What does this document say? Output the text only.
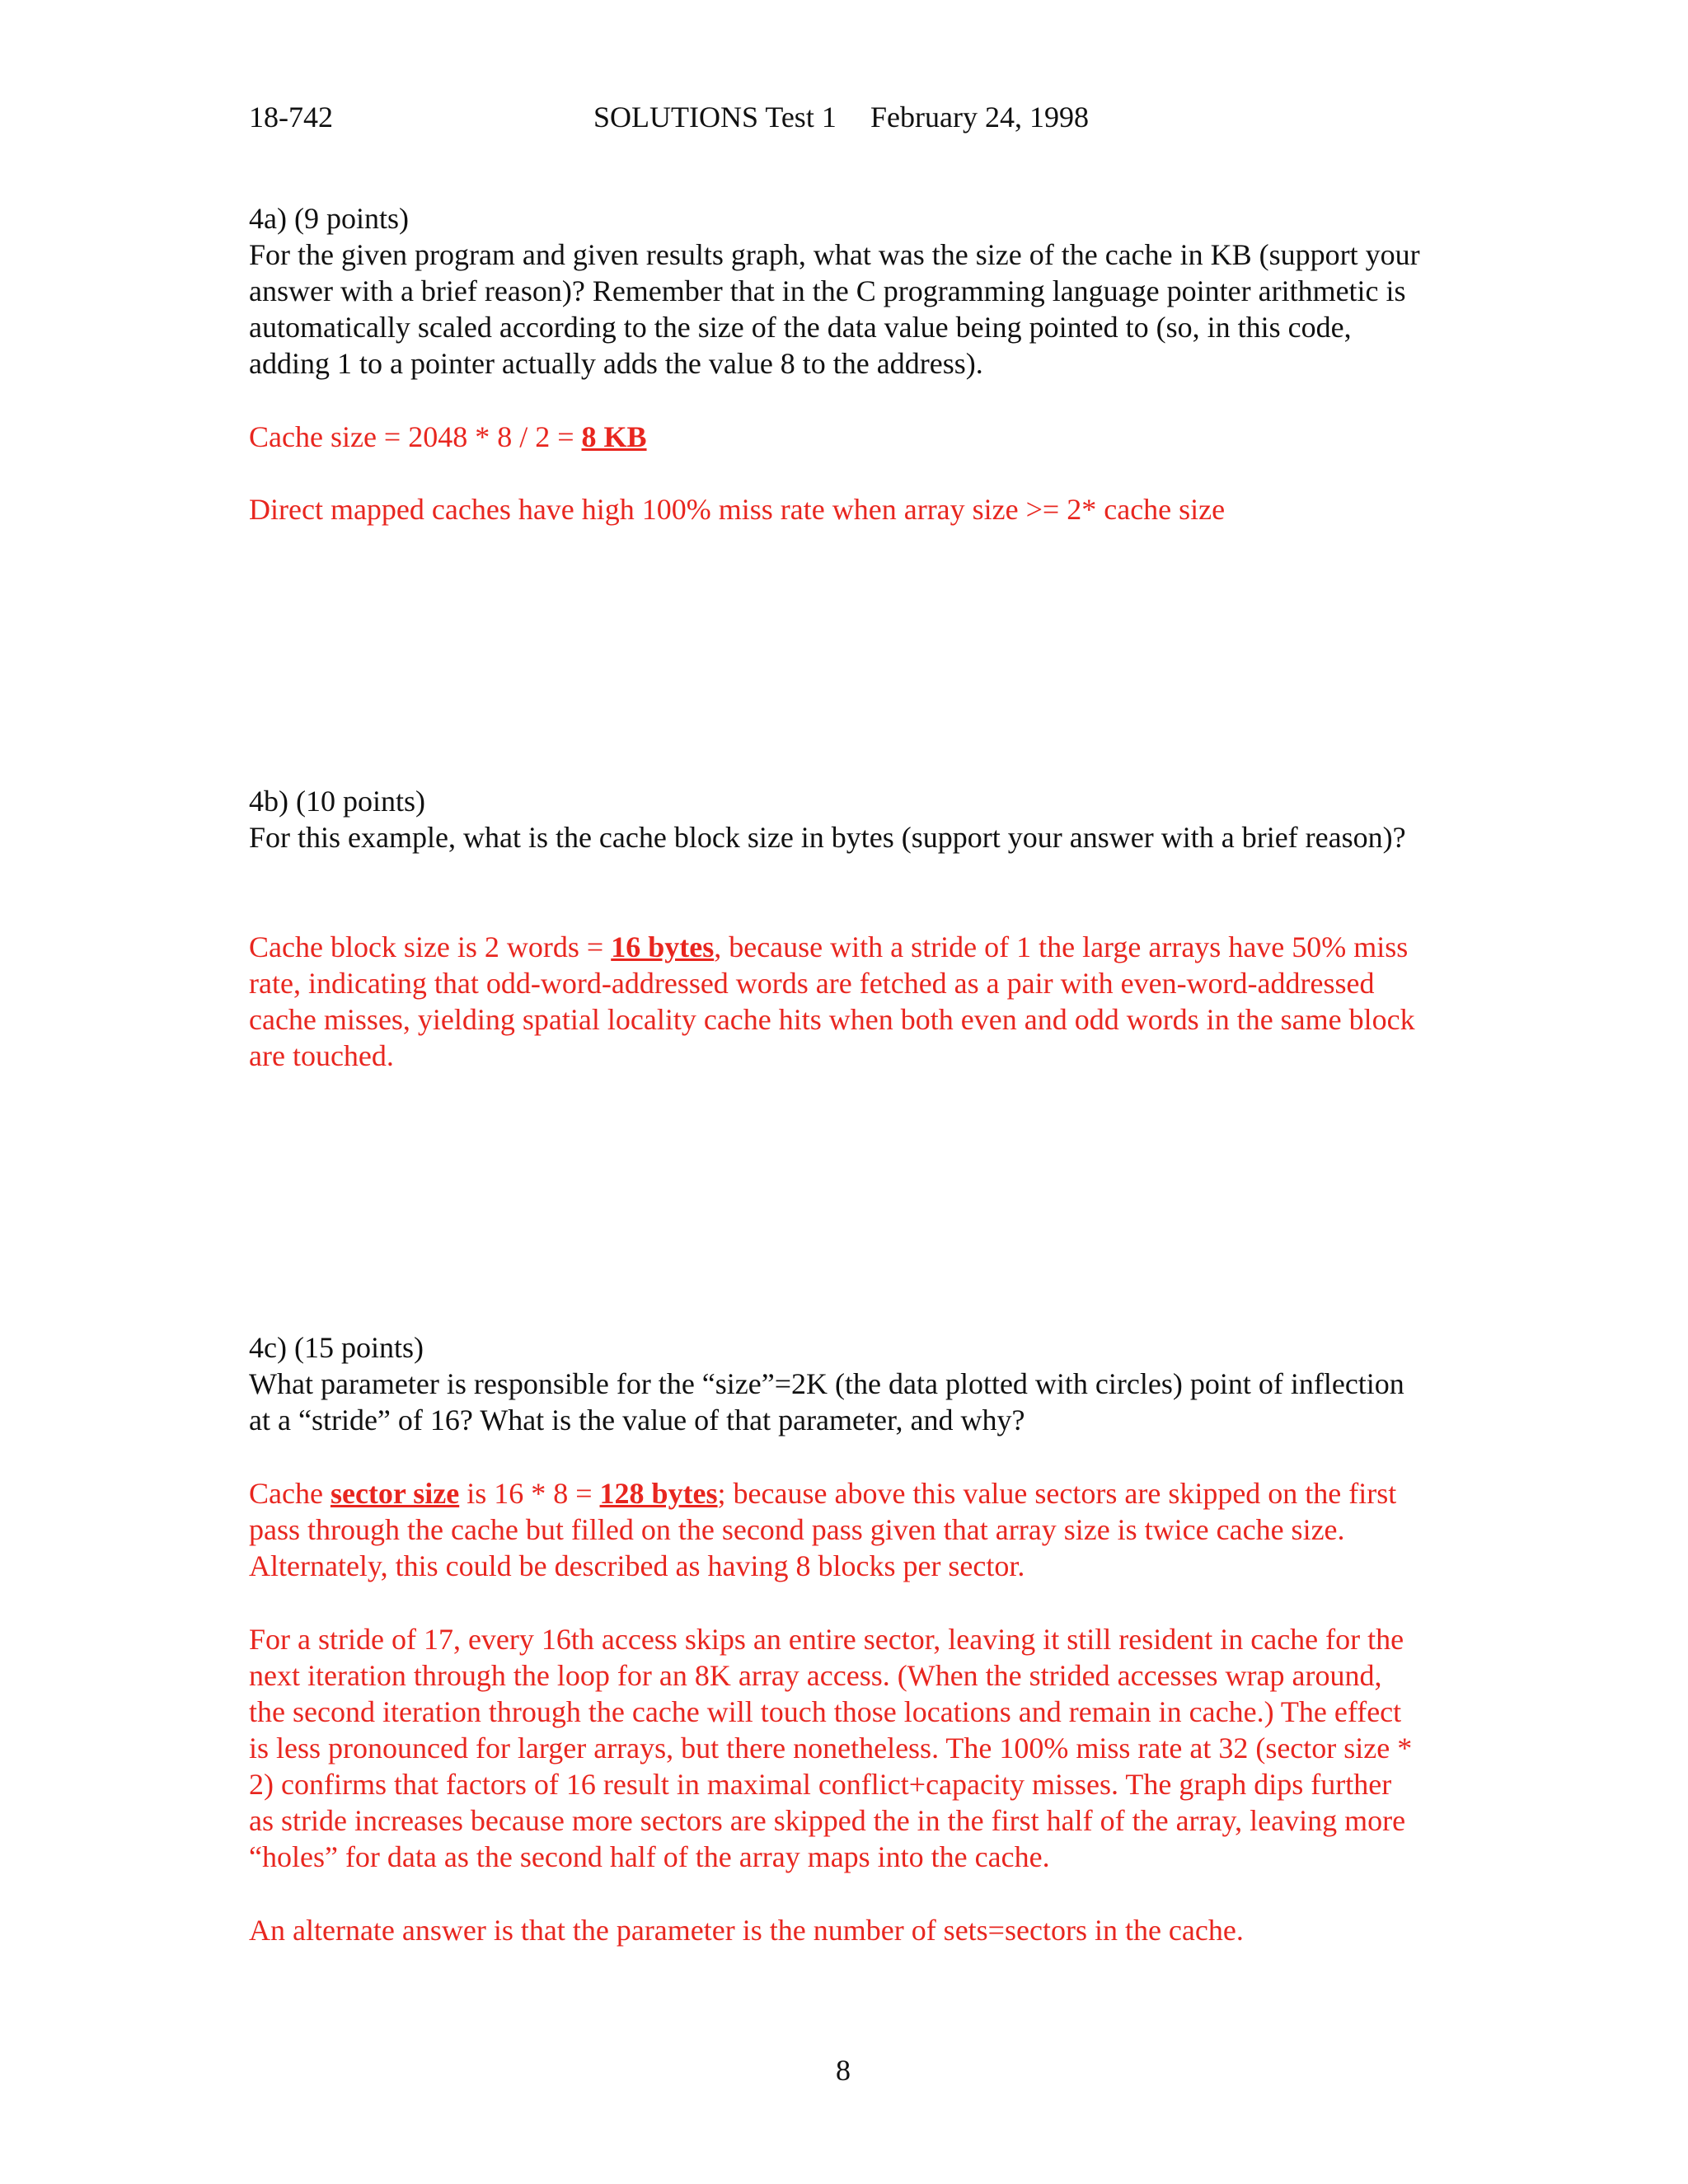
18-742	SOLUTIONS Test 1 February 24, 1998
4a) (9 points)
For the given program and given results graph, what was the size of the cache in KB (support your
answer with a brief reason)? Remember that in the C programming language pointer arithmetic is
automatically scaled according to the size of the data value being pointed to (so, in this code,
adding 1 to a pointer actually adds the value 8 to the address).
Cache size = 2048 * 8 / 2 = 8 KB
Direct mapped caches have high 100% miss rate when array size >= 2* cache size
4b) (10 points)
For this example, what is the cache block size in bytes (support your answer with a brief reason)?
Cache block size is 2 words = 16 bytes, because with a stride of 1 the large arrays have 50% miss
rate, indicating that odd-word-addressed words are fetched as a pair with even-word-addressed
cache misses, yielding spatial locality cache hits when both even and odd words in the same block
are touched.
4c) (15 points)
What parameter is responsible for the “size”=2K (the data plotted with circles) point of inflection
at a “stride” of 16? What is the value of that parameter, and why?
Cache sector size is 16 * 8 = 128 bytes; because above this value sectors are skipped on the first
pass through the cache but filled on the second pass given that array size is twice cache size.
Alternately, this could be described as having 8 blocks per sector.
For a stride of 17, every 16th access skips an entire sector, leaving it still resident in cache for the
next iteration through the loop for an 8K array access. (When the strided accesses wrap around,
the second iteration through the cache will touch those locations and remain in cache.) The effect
is less pronounced for larger arrays, but there nonetheless. The 100% miss rate at 32 (sector size *
2) confirms that factors of 16 result in maximal conflict+capacity misses. The graph dips further
as stride increases because more sectors are skipped the in the first half of the array, leaving more
“holes” for data as the second half of the array maps into the cache.
An alternate answer is that the parameter is the number of sets=sectors in the cache.
8
